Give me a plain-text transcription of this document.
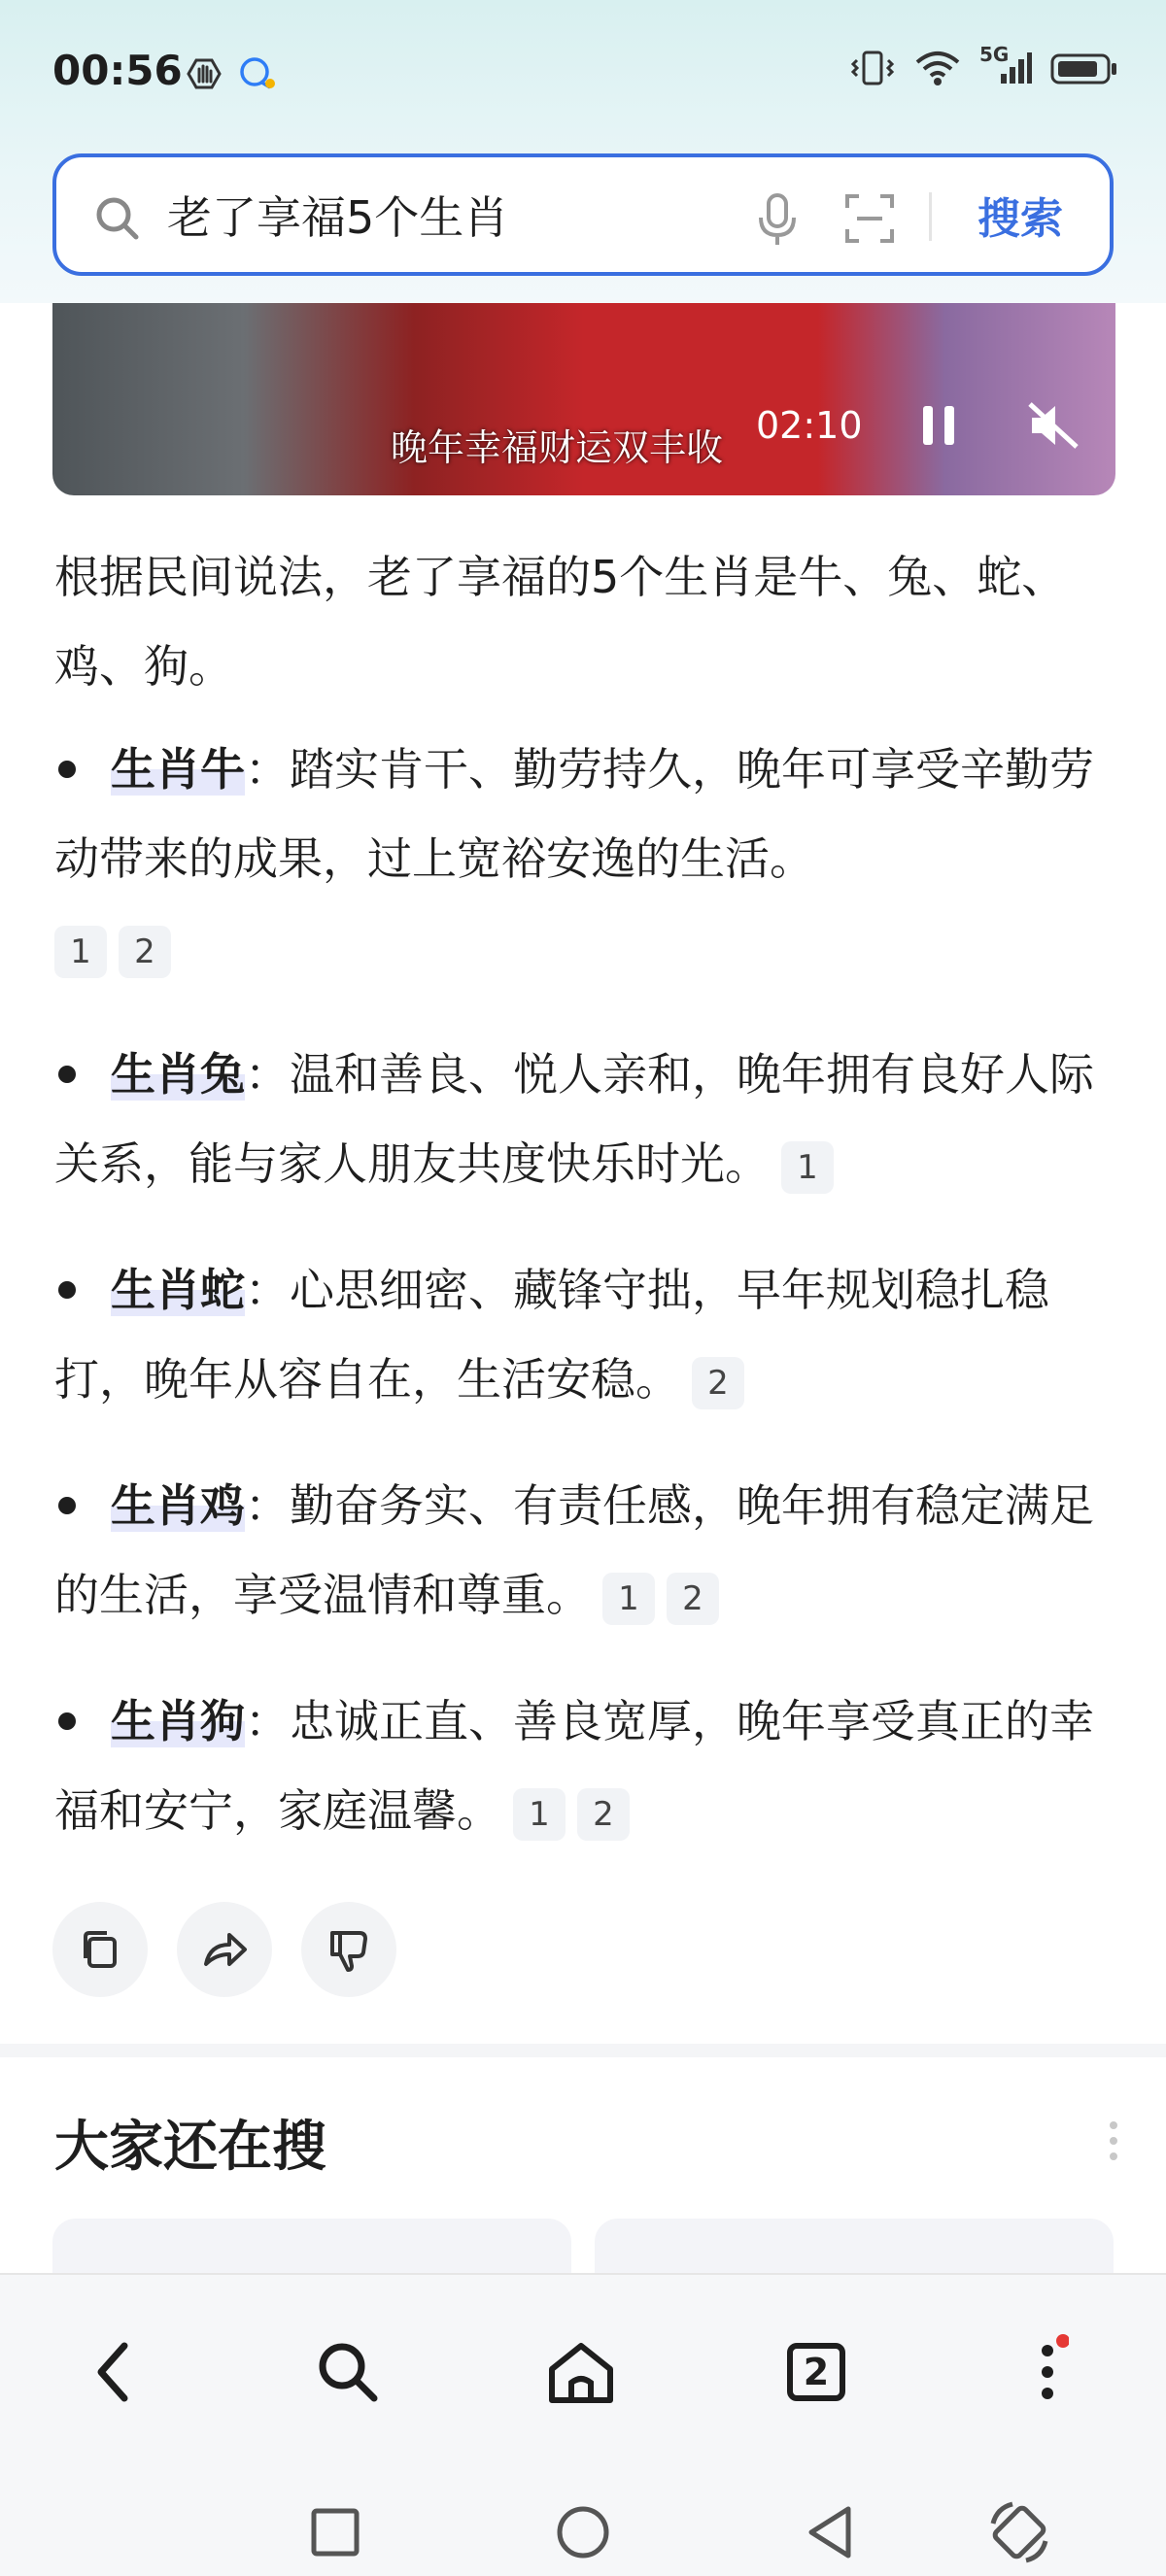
00:56	5G
老了享福5个生肖	搜索
晚年幸福财运双丰收
02:10
根据民间说法，老了享福的5个生肖是牛、兔、蛇、鸡、狗。
生肖牛：踏实肯干、勤劳持久，晚年可享受辛勤劳动带来的成果，过上宽裕安逸的生活。
1 2
生肖兔：温和善良、悦人亲和，晚年拥有良好人际关系，能与家人朋友共度快乐时光。 1
生肖蛇：心思细密、藏锋守拙，早年规划稳扎稳打，晚年从容自在，生活安稳。 2
生肖鸡：勤奋务实、有责任感，晚年拥有稳定满足的生活，享受温情和尊重。 1 2
生肖狗：忠诚正直、善良宽厚，晚年享受真正的幸福和安宁，家庭温馨。 1 2
大家还在搜
2
